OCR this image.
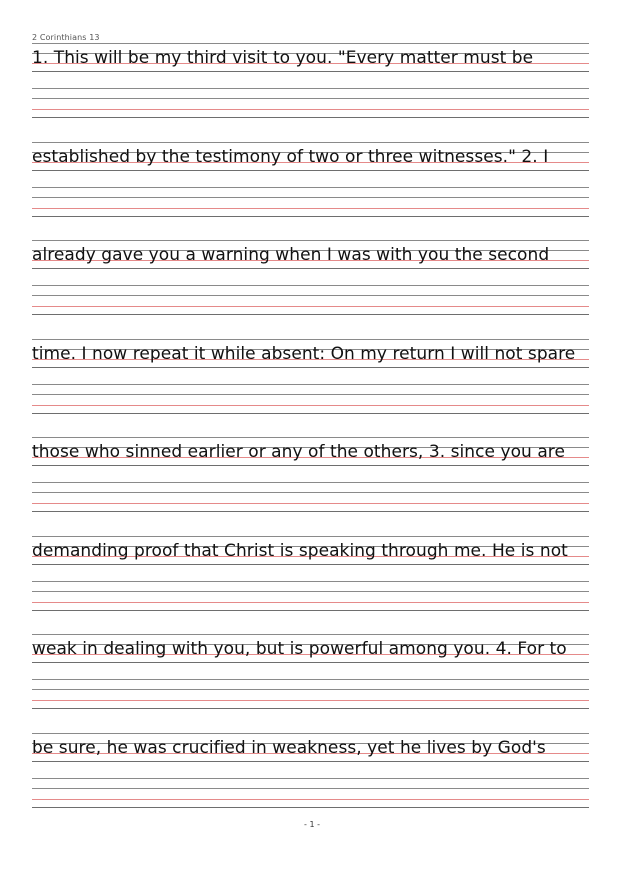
2 Corinthians 13
1. This will be my third visit to you. "Every matter must be
established by the testimony of two or three witnesses." 2. I
already gave you a warning when I was with you the second
time. I now repeat it while absent: On my return I will not spare
those who sinned earlier or any of the others, 3. since you are
demanding proof that Christ is speaking through me. He is not
weak in dealing with you, but is powerful among you. 4. For to
be sure, he was crucified in weakness, yet he lives by God's
- 1 -
